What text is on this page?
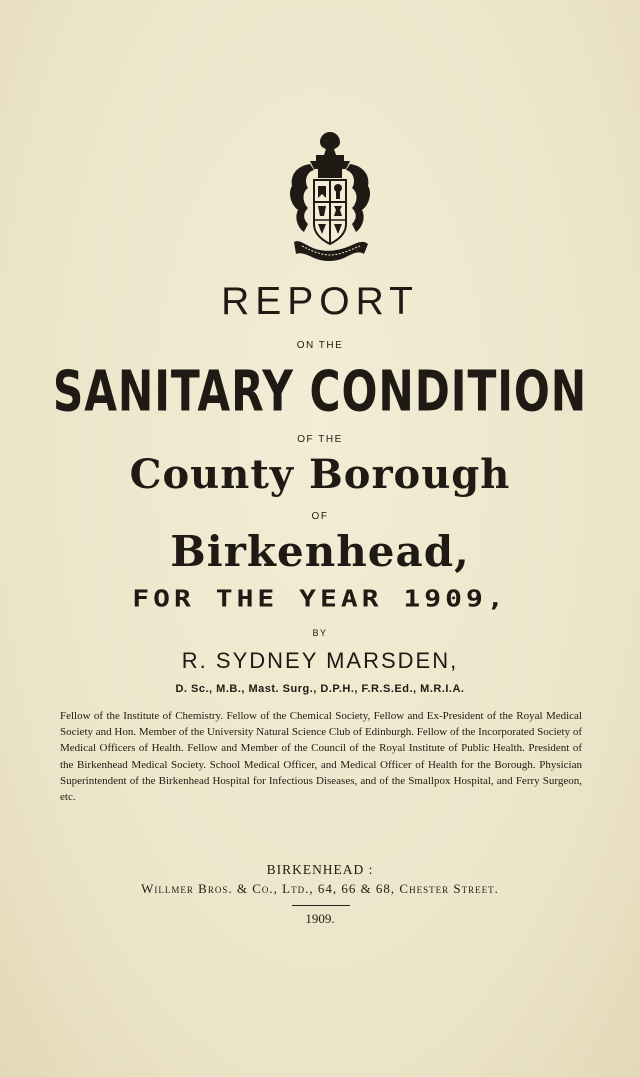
REPORT

ON THE

SANITARY CONDITION

OF THE

County Borough

OF

Birkenhead,

FOR THE YEAR 1909,

BY

R. SYDNEY MARSDEN,

D. Sc., M.B., Mast. Surg., D.P.H., F.R.S.Ed., M.R.I.A.

Fellow of the Institute of Chemistry. Fellow of the Chemical Society, Fellow and Ex-President of the Royal Medical Society and Hon. Member of the University Natural Science Club of Edinburgh. Fellow of the Incorporated Society of Medical Officers of Health. Fellow and Member of the Council of the Royal Institute of Public Health. President of the Birkenhead Medical Society. School Medical Officer, and Medical Officer of Health for the Borough. Physician Superintendent of the Birkenhead Hospital for Infectious Diseases, and of the Smallpox Hospital, and Ferry Surgeon, etc.

BIRKENHEAD :

Willmer Bros. & Co., Ltd., 64, 66 & 68, Chester Street.

1909.
